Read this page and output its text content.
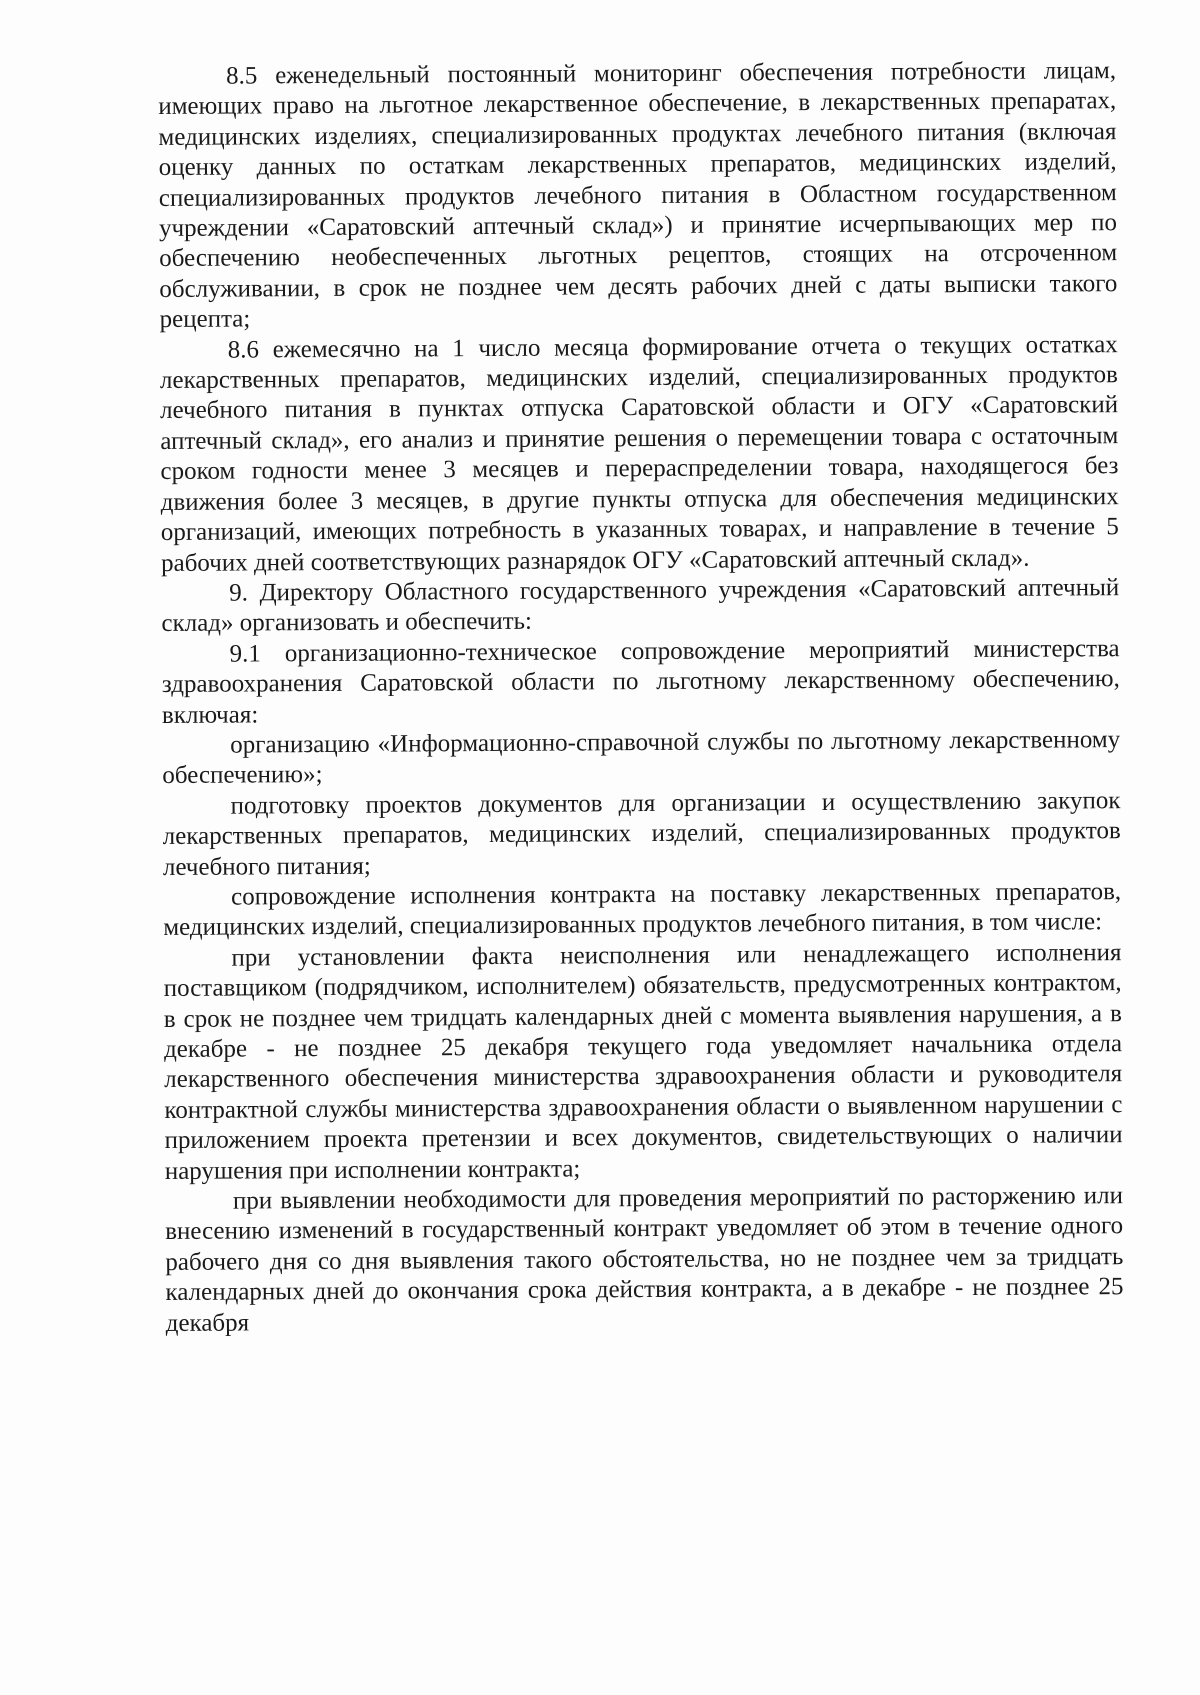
8.5 еженедельный постоянный мониторинг обеспечения потребности лицам, имеющих право на льготное лекарственное обеспечение, в лекарственных препаратах, медицинских изделиях, специализированных продуктах лечебного питания (включая оценку данных по остаткам лекарственных препаратов, медицинских изделий, специализированных продуктов лечебного питания в Областном государственном учреждении «Саратовский аптечный склад») и принятие исчерпывающих мер по обеспечению необеспеченных льготных рецептов, стоящих на отсроченном обслуживании, в срок не позднее чем десять рабочих дней с даты выписки такого рецепта;

8.6 ежемесячно на 1 число месяца формирование отчета о текущих остатках лекарственных препаратов, медицинских изделий, специализированных продуктов лечебного питания в пунктах отпуска Саратовской области и ОГУ «Саратовский аптечный склад», его анализ и принятие решения о перемещении товара с остаточным сроком годности менее 3 месяцев и перераспределении товара, находящегося без движения более 3 месяцев, в другие пункты отпуска для обеспечения медицинских организаций, имеющих потребность в указанных товарах, и направление в течение 5 рабочих дней соответствующих разнарядок ОГУ «Саратовский аптечный склад».

9. Директору Областного государственного учреждения «Саратовский аптечный склад» организовать и обеспечить:

9.1 организационно-техническое сопровождение мероприятий министерства здравоохранения Саратовской области по льготному лекарственному обеспечению, включая:

организацию «Информационно-справочной службы по льготному лекарственному обеспечению»;

подготовку проектов документов для организации и осуществлению закупок лекарственных препаратов, медицинских изделий, специализированных продуктов лечебного питания;

сопровождение исполнения контракта на поставку лекарственных препаратов, медицинских изделий, специализированных продуктов лечебного питания, в том числе:

при установлении факта неисполнения или ненадлежащего исполнения поставщиком (подрядчиком, исполнителем) обязательств, предусмотренных контрактом, в срок не позднее чем тридцать календарных дней с момента выявления нарушения, а в декабре - не позднее 25 декабря текущего года уведомляет начальника отдела лекарственного обеспечения министерства здравоохранения области и руководителя контрактной службы министерства здравоохранения области о выявленном нарушении с приложением проекта претензии и всех документов, свидетельствующих о наличии нарушения при исполнении контракта;

при выявлении необходимости для проведения мероприятий по расторжению или внесению изменений в государственный контракт уведомляет об этом в течение одного рабочего дня со дня выявления такого обстоятельства, но не позднее чем за тридцать календарных дней до окончания срока действия контракта, а в декабре - не позднее 25 декабря
